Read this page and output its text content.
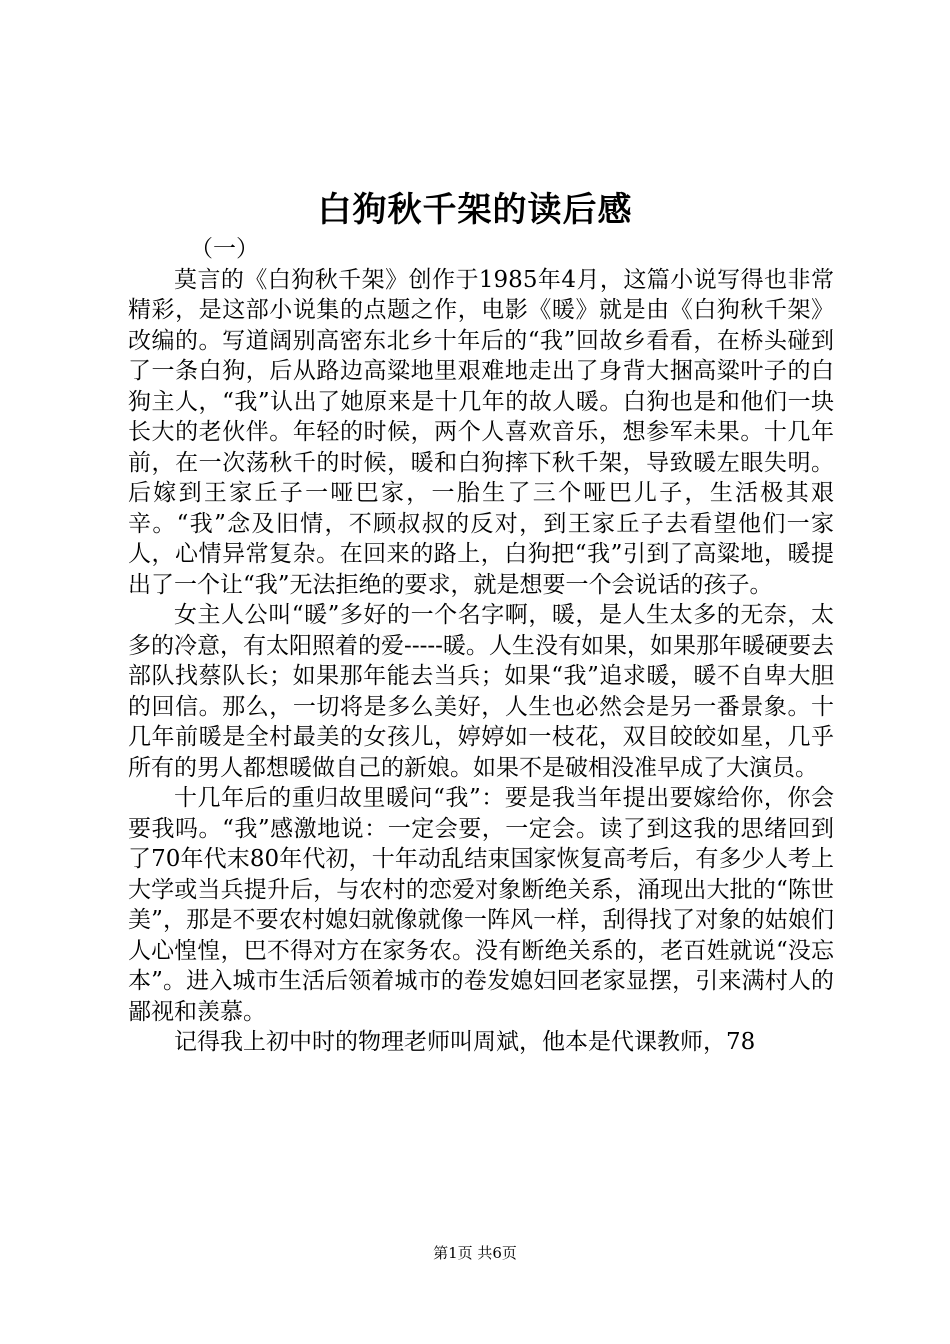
白狗秋千架的读后感

（一）

莫言的《白狗秋千架》创作于1985年4月，这篇小说写得也非常精彩，是这部小说集的点题之作，电影《暖》就是由《白狗秋千架》改编的。写道阔别高密东北乡十年后的“我”回故乡看看，在桥头碰到了一条白狗，后从路边高粱地里艰难地走出了身背大捆高粱叶子的白狗主人，“我”认出了她原来是十几年的故人暖。白狗也是和他们一块长大的老伙伴。年轻的时候，两个人喜欢音乐，想参军未果。十几年前，在一次荡秋千的时候，暖和白狗摔下秋千架，导致暖左眼失明。后嫁到王家丘子一哑巴家，一胎生了三个哑巴儿子，生活极其艰辛。“我”念及旧情，不顾叔叔的反对，到王家丘子去看望他们一家人，心情异常复杂。在回来的路上，白狗把“我”引到了高粱地，暖提出了一个让“我”无法拒绝的要求，就是想要一个会说话的孩子。

女主人公叫“暖”多好的一个名字啊，暖，是人生太多的无奈，太多的冷意，有太阳照着的爱-----暖。人生没有如果，如果那年暖硬要去部队找蔡队长；如果那年能去当兵；如果“我”追求暖，暖不自卑大胆的回信。那么，一切将是多么美好，人生也必然会是另一番景象。十几年前暖是全村最美的女孩儿，婷婷如一枝花，双目皎皎如星，几乎所有的男人都想暖做自己的新娘。如果不是破相没准早成了大演员。

十几年后的重归故里暖问“我”：要是我当年提出要嫁给你，你会要我吗。“我”感激地说：一定会要，一定会。读了到这我的思绪回到了70年代末80年代初，十年动乱结束国家恢复高考后，有多少人考上大学或当兵提升后，与农村的恋爱对象断绝关系，涌现出大批的“陈世美”，那是不要农村媳妇就像就像一阵风一样，刮得找了对象的姑娘们人心惶惶，巴不得对方在家务农。没有断绝关系的，老百姓就说“没忘本”。进入城市生活后领着城市的卷发媳妇回老家显摆，引来满村人的鄙视和羡慕。

记得我上初中时的物理老师叫周斌，他本是代课教师，78

第1页 共6页
